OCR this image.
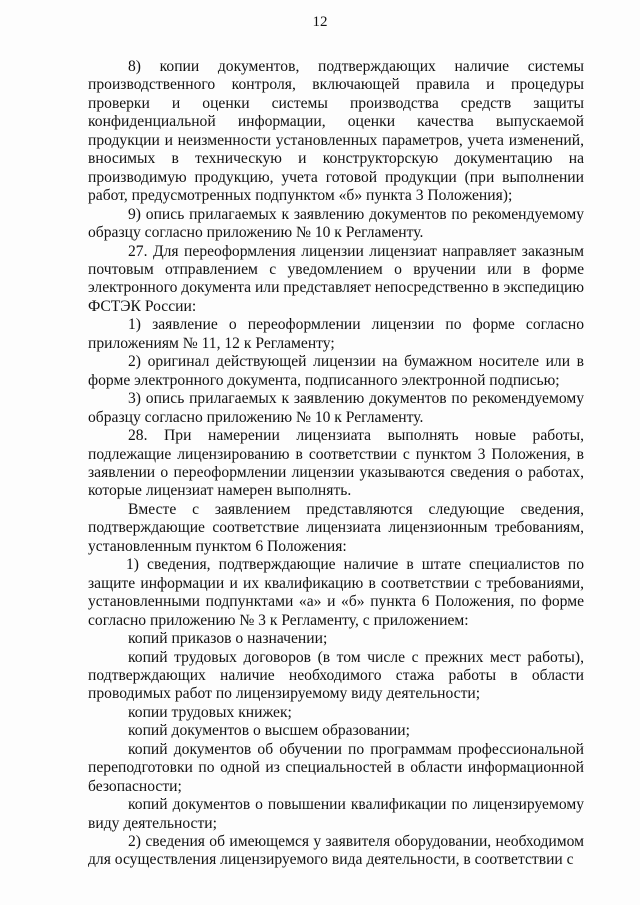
12

8) копии документов, подтверждающих наличие системы производственного контроля, включающей правила и процедуры проверки и оценки системы производства средств защиты конфиденциальной информации, оценки качества выпускаемой продукции и неизменности установленных параметров, учета изменений, вносимых в техническую и конструкторскую документацию на производимую продукцию, учета готовой продукции (при выполнении работ, предусмотренных подпунктом «б» пункта 3 Положения);

9) опись прилагаемых к заявлению документов по рекомендуемому образцу согласно приложению № 10 к Регламенту.

27. Для переоформления лицензии лицензиат направляет заказным почтовым отправлением с уведомлением о вручении или в форме электронного документа или представляет непосредственно в экспедицию ФСТЭК России:

1) заявление о переоформлении лицензии по форме согласно приложениям № 11, 12 к Регламенту;

2) оригинал действующей лицензии на бумажном носителе или в форме электронного документа, подписанного электронной подписью;

3) опись прилагаемых к заявлению документов по рекомендуемому образцу согласно приложению № 10 к Регламенту.

28. При намерении лицензиата выполнять новые работы, подлежащие лицензированию в соответствии с пунктом 3 Положения, в заявлении о переоформлении лицензии указываются сведения о работах, которые лицензиат намерен выполнять.

Вместе с заявлением представляются следующие сведения, подтверждающие соответствие лицензиата лицензионным требованиям, установленным пунктом 6 Положения:

1) сведения, подтверждающие наличие в штате специалистов по защите информации и их квалификацию в соответствии с требованиями, установленными подпунктами «а» и «б» пункта 6 Положения, по форме согласно приложению № 3 к Регламенту, с приложением:

копий приказов о назначении;

копий трудовых договоров (в том числе с прежних мест работы), подтверждающих наличие необходимого стажа работы в области проводимых работ по лицензируемому виду деятельности;

копии трудовых книжек;

копий документов о высшем образовании;

копий документов об обучении по программам профессиональной переподготовки по одной из специальностей в области информационной безопасности;

копий документов о повышении квалификации по лицензируемому виду деятельности;

2) сведения об имеющемся у заявителя оборудовании, необходимом для осуществления лицензируемого вида деятельности, в соответствии с
